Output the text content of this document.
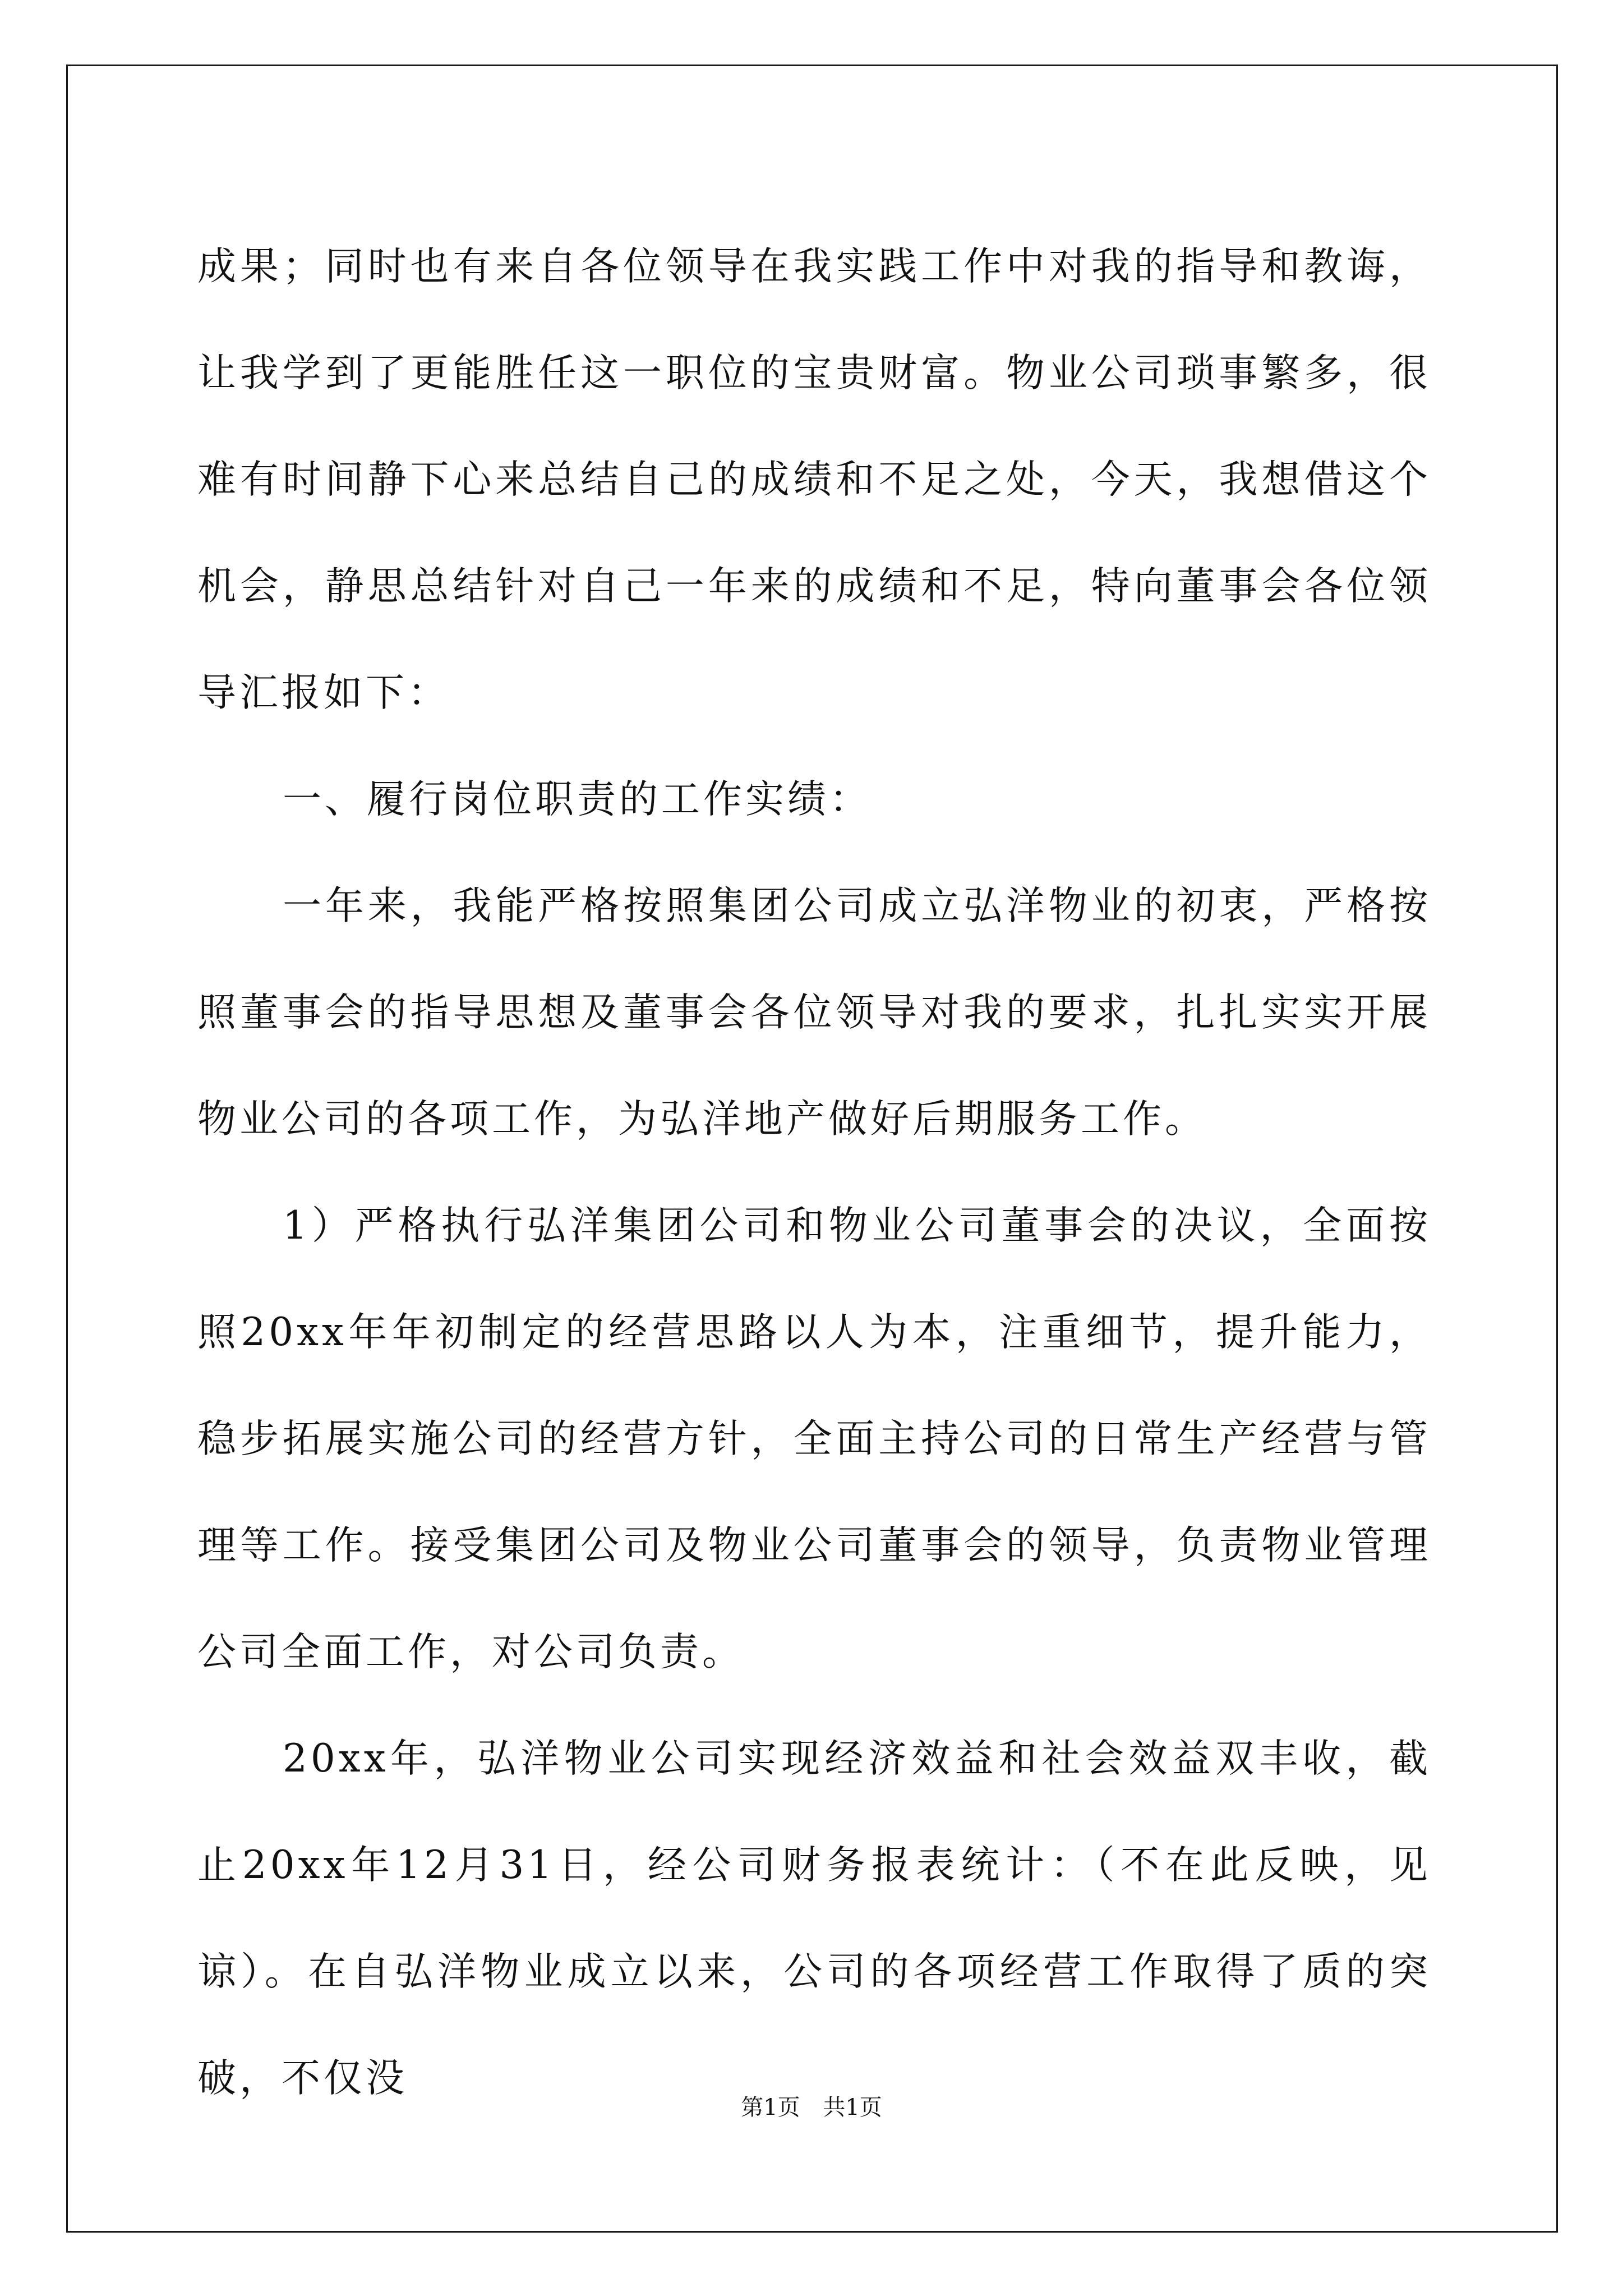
成果；同时也有来自各位领导在我实践工作中对我的指导和教诲，让我学到了更能胜任这一职位的宝贵财富。物业公司琐事繁多，很难有时间静下心来总结自己的成绩和不足之处，今天，我想借这个机会，静思总结针对自己一年来的成绩和不足，特向董事会各位领导汇报如下：

一、履行岗位职责的工作实绩：

一年来，我能严格按照集团公司成立弘洋物业的初衷，严格按照董事会的指导思想及董事会各位领导对我的要求，扎扎实实开展物业公司的各项工作，为弘洋地产做好后期服务工作。

1）严格执行弘洋集团公司和物业公司董事会的决议，全面按照20xx年年初制定的经营思路以人为本，注重细节，提升能力，稳步拓展实施公司的经营方针，全面主持公司的日常生产经营与管理等工作。接受集团公司及物业公司董事会的领导，负责物业管理公司全面工作，对公司负责。

20xx年，弘洋物业公司实现经济效益和社会效益双丰收，截止20xx年12月31日，经公司财务报表统计：（不在此反映，见谅）。在自弘洋物业成立以来，公司的各项经营工作取得了质的突破，不仅没

第1页 共1页
